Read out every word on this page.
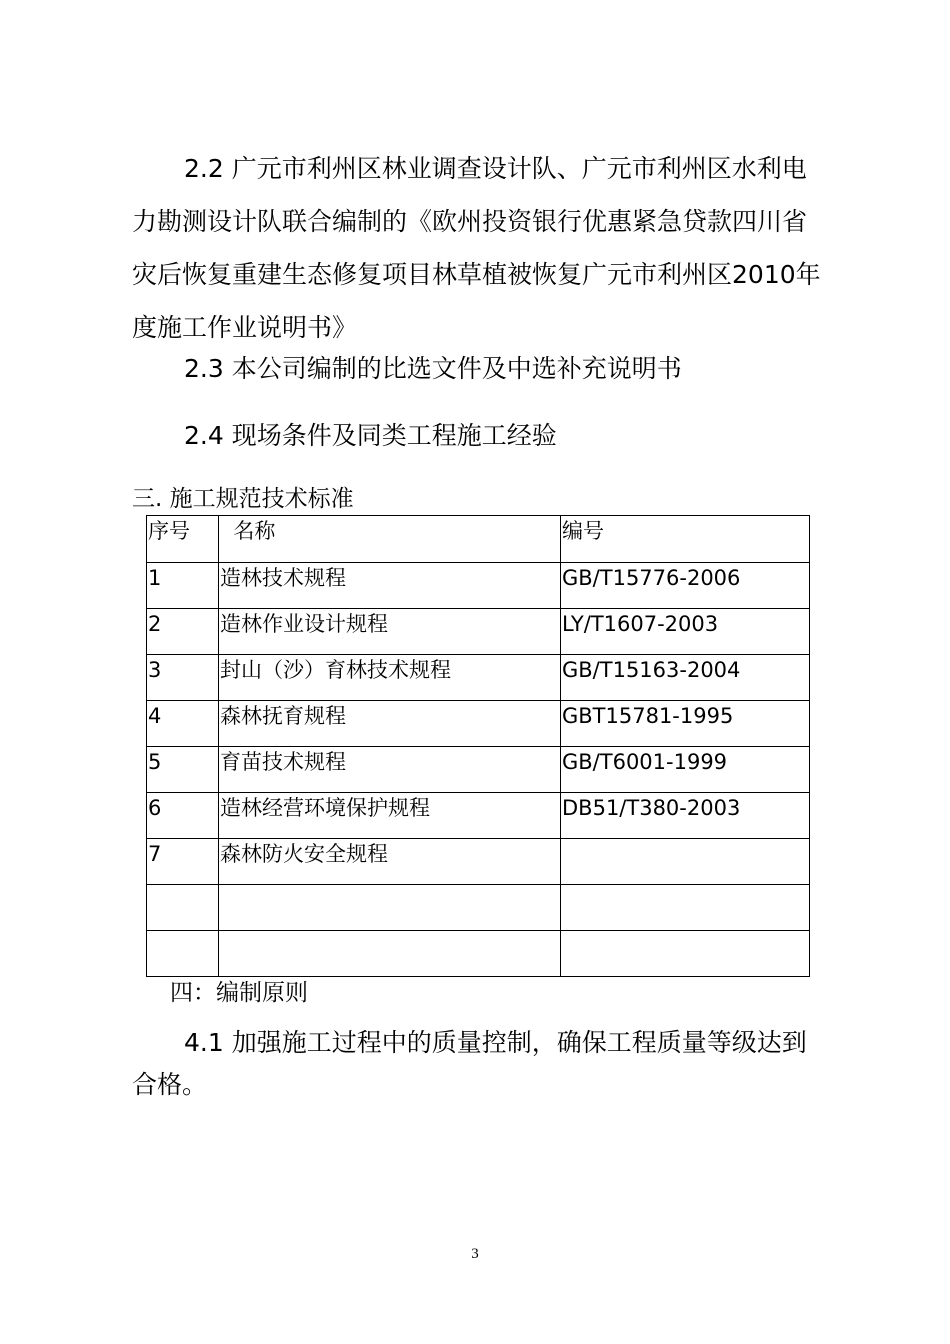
2.2 广元市利州区林业调查设计队、广元市利州区水利电力勘测设计队联合编制的《欧州投资银行优惠紧急贷款四川省灾后恢复重建生态修复项目林草植被恢复广元市利州区2010年度施工作业说明书》

2.3 本公司编制的比选文件及中选补充说明书

2.4 现场条件及同类工程施工经验

三. 施工规范技术标准

序号	名称	编号
1	造林技术规程	GB/T15776-2006
2	造林作业设计规程	LY/T1607-2003
3	封山（沙）育林技术规程	GB/T15163-2004
4	森林抚育规程	GBT15781-1995
5	育苗技术规程	GB/T6001-1999
6	造林经营环境保护规程	DB51/T380-2003
7	森林防火安全规程	

四：编制原则

4.1 加强施工过程中的质量控制，确保工程质量等级达到合格。

3
